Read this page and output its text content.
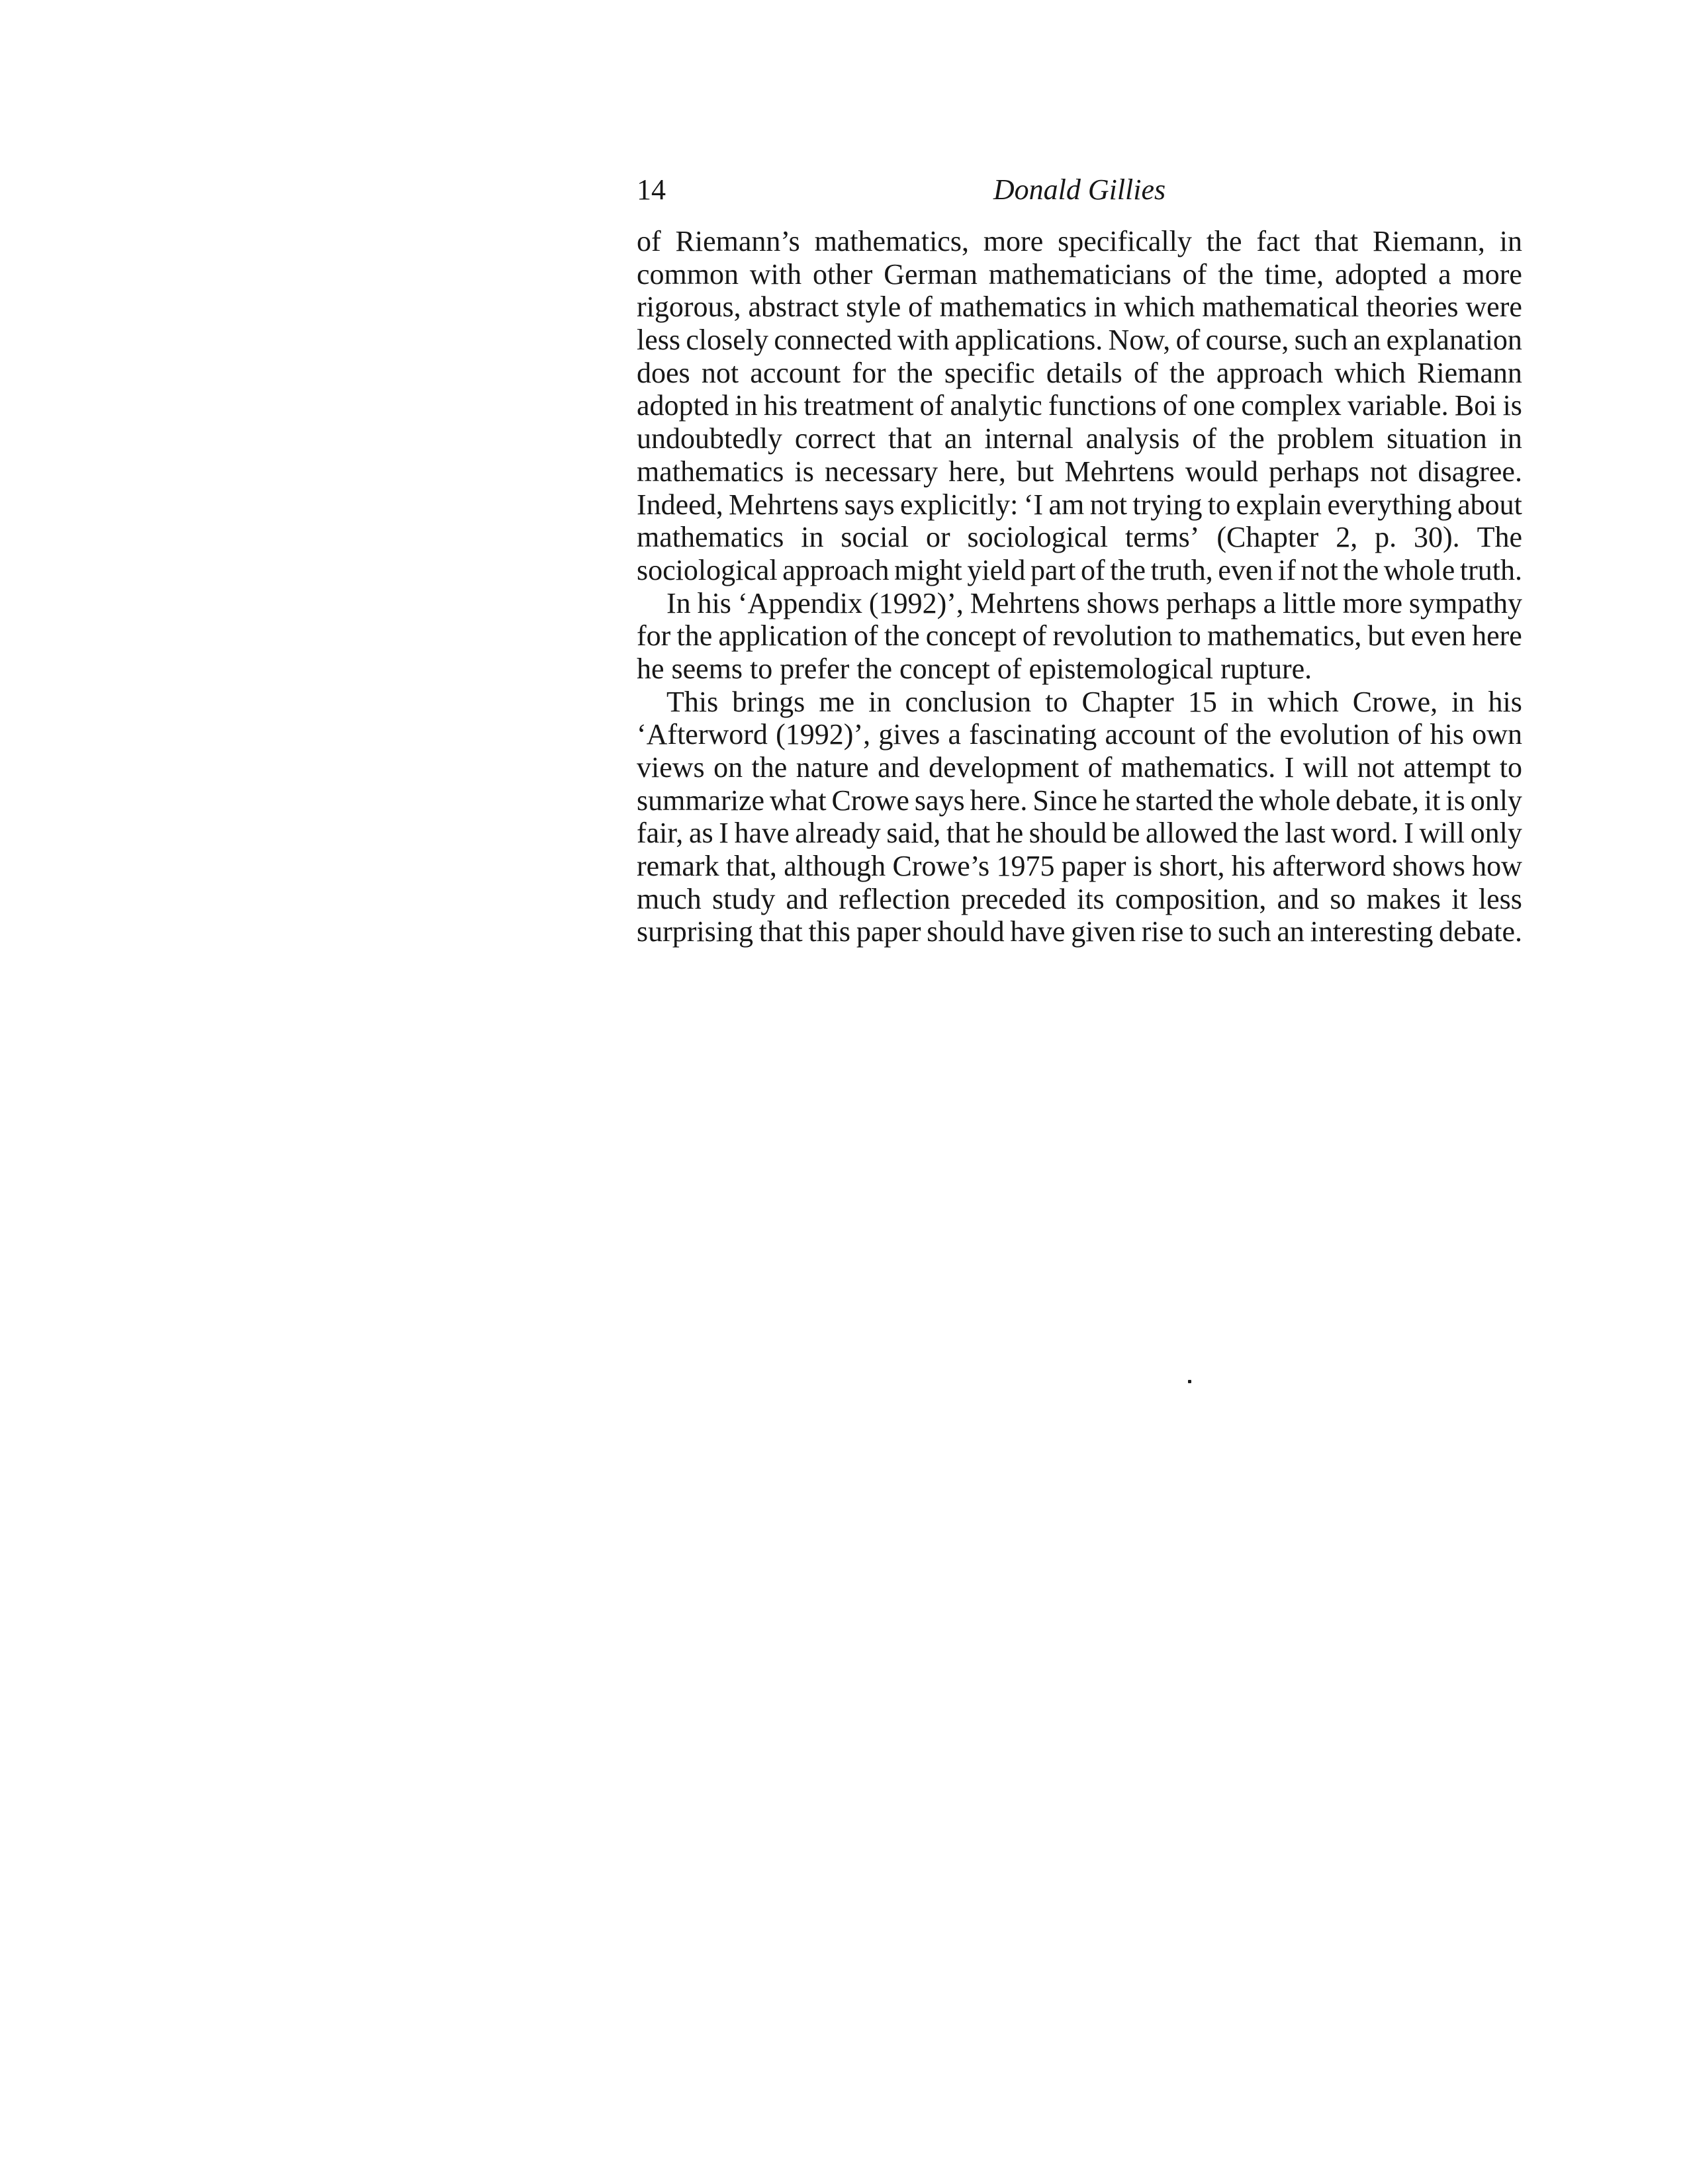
14	Donald Gillies
of Riemann’s mathematics, more specifically the fact that Riemann, in
common with other German mathematicians of the time, adopted a more
rigorous, abstract style of mathematics in which mathematical theories were
less closely connected with applications. Now, of course, such an explanation
does not account for the specific details of the approach which Riemann
adopted in his treatment of analytic functions of one complex variable. Boi is
undoubtedly correct that an internal analysis of the problem situation in
mathematics is necessary here, but Mehrtens would perhaps not disagree.
Indeed, Mehrtens says explicitly: ‘I am not trying to explain everything about
mathematics in social or sociological terms’ (Chapter 2, p. 30). The
sociological approach might yield part of the truth, even if not the whole truth.
In his ‘Appendix (1992)’, Mehrtens shows perhaps a little more sympathy
for the application of the concept of revolution to mathematics, but even here
he seems to prefer the concept of epistemological rupture.
This brings me in conclusion to Chapter 15 in which Crowe, in his
‘Afterword (1992)’, gives a fascinating account of the evolution of his own
views on the nature and development of mathematics. I will not attempt to
summarize what Crowe says here. Since he started the whole debate, it is only
fair, as I have already said, that he should be allowed the last word. I will only
remark that, although Crowe’s 1975 paper is short, his afterword shows how
much study and reflection preceded its composition, and so makes it less
surprising that this paper should have given rise to such an interesting debate.
